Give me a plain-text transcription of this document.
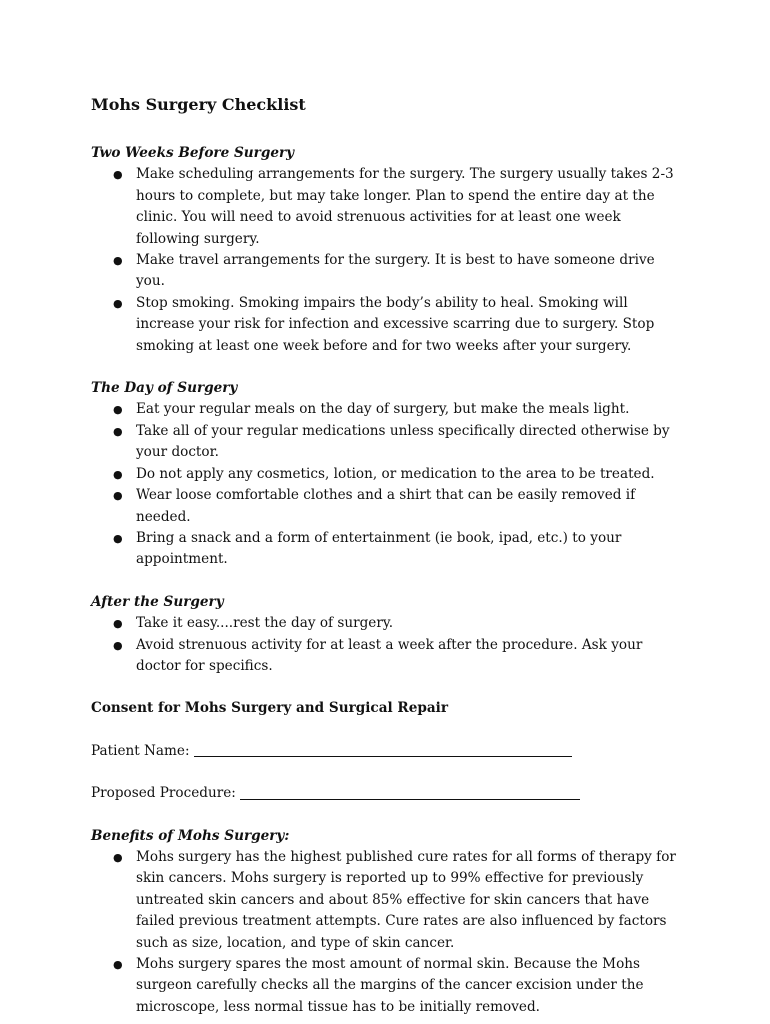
Mohs Surgery Checklist

Two Weeks Before Surgery

● Make scheduling arrangements for the surgery. The surgery usually takes 2-3 hours to complete, but may take longer. Plan to spend the entire day at the clinic. You will need to avoid strenuous activities for at least one week following surgery.
● Make travel arrangements for the surgery. It is best to have someone drive you.
● Stop smoking. Smoking impairs the body’s ability to heal. Smoking will increase your risk for infection and excessive scarring due to surgery. Stop smoking at least one week before and for two weeks after your surgery.

The Day of Surgery

● Eat your regular meals on the day of surgery, but make the meals light.
● Take all of your regular medications unless specifically directed otherwise by your doctor.
● Do not apply any cosmetics, lotion, or medication to the area to be treated.
● Wear loose comfortable clothes and a shirt that can be easily removed if needed.
● Bring a snack and a form of entertainment (ie book, ipad, etc.) to your appointment.

After the Surgery

● Take it easy....rest the day of surgery.
● Avoid strenuous activity for at least a week after the procedure. Ask your doctor for specifics.

Consent for Mohs Surgery and Surgical Repair

Patient Name:

Proposed Procedure:

Benefits of Mohs Surgery:

● Mohs surgery has the highest published cure rates for all forms of therapy for skin cancers. Mohs surgery is reported up to 99% effective for previously untreated skin cancers and about 85% effective for skin cancers that have failed previous treatment attempts. Cure rates are also influenced by factors such as size, location, and type of skin cancer.
● Mohs surgery spares the most amount of normal skin. Because the Mohs surgeon carefully checks all the margins of the cancer excision under the microscope, less normal tissue has to be initially removed.
